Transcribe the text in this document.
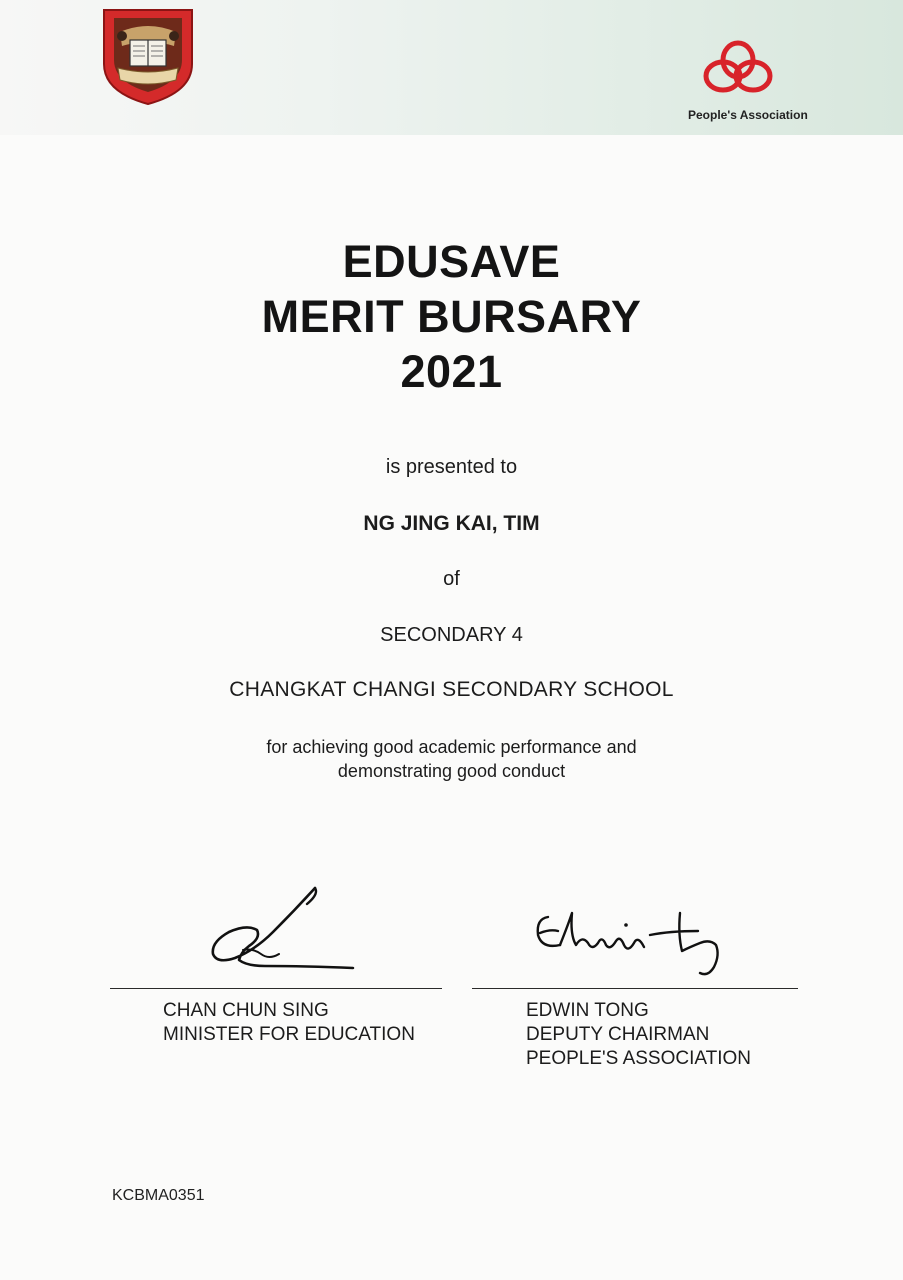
People's Association
EDUSAVE
MERIT BURSARY
2021
is presented to
NG JING KAI, TIM
of
SECONDARY 4
CHANGKAT CHANGI SECONDARY SCHOOL
for achieving good academic performance and
demonstrating good conduct
CHAN CHUN SING
MINISTER FOR EDUCATION
EDWIN TONG
DEPUTY CHAIRMAN
PEOPLE'S ASSOCIATION
KCBMA0351
